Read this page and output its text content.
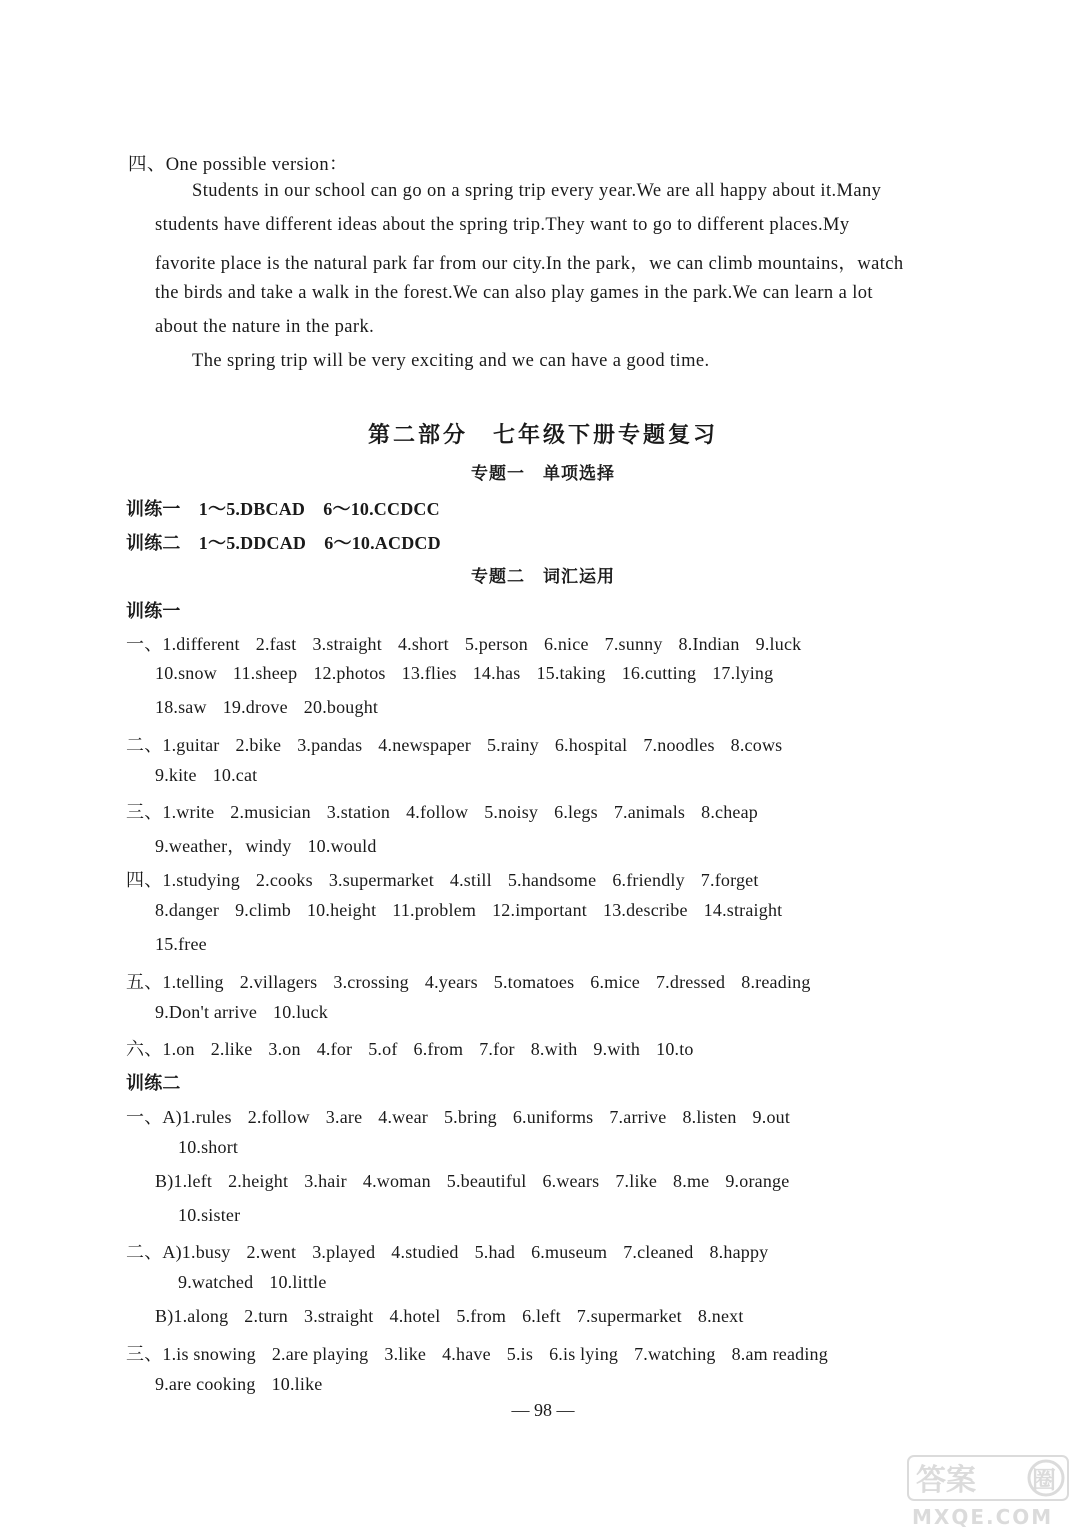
四、One possible version：
Students in our school can go on a spring trip every year.We are all happy about it.Many
students have different ideas about the spring trip.They want to go to different places.My
favorite place is the natural park far from our city.In the park，we can climb mountains，watch
the birds and take a walk in the forest.We can also play games in the park.We can learn a lot
about the nature in the park.
The spring trip will be very exciting and we can have a good time.
第二部分　七年级下册专题复习
专题一　单项选择
训练一　1～5.DBCAD　6～10.CCDCC
训练二　1～5.DDCAD　6～10.ACDCD
专题二　词汇运用
训练一
一、1.different 2.fast 3.straight 4.short 5.person 6.nice 7.sunny 8.Indian 9.luck
10.snow 11.sheep 12.photos 13.flies 14.has 15.taking 16.cutting 17.lying
18.saw 19.drove 20.bought
二、1.guitar 2.bike 3.pandas 4.newspaper 5.rainy 6.hospital 7.noodles 8.cows
9.kite 10.cat
三、1.write 2.musician 3.station 4.follow 5.noisy 6.legs 7.animals 8.cheap
9.weather，windy 10.would
四、1.studying 2.cooks 3.supermarket 4.still 5.handsome 6.friendly 7.forget
8.danger 9.climb 10.height 11.problem 12.important 13.describe 14.straight
15.free
五、1.telling 2.villagers 3.crossing 4.years 5.tomatoes 6.mice 7.dressed 8.reading
9.Don't arrive 10.luck
六、1.on 2.like 3.on 4.for 5.of 6.from 7.for 8.with 9.with 10.to
训练二
一、A)1.rules 2.follow 3.are 4.wear 5.bring 6.uniforms 7.arrive 8.listen 9.out
10.short
B)1.left 2.height 3.hair 4.woman 5.beautiful 6.wears 7.like 8.me 9.orange
10.sister
二、A)1.busy 2.went 3.played 4.studied 5.had 6.museum 7.cleaned 8.happy
9.watched 10.little
B)1.along 2.turn 3.straight 4.hotel 5.from 6.left 7.supermarket 8.next
三、1.is snowing 2.are playing 3.like 4.have 5.is 6.is lying 7.watching 8.am reading
9.are cooking 10.like
— 98 —
答案 圈
MXQE.COM
